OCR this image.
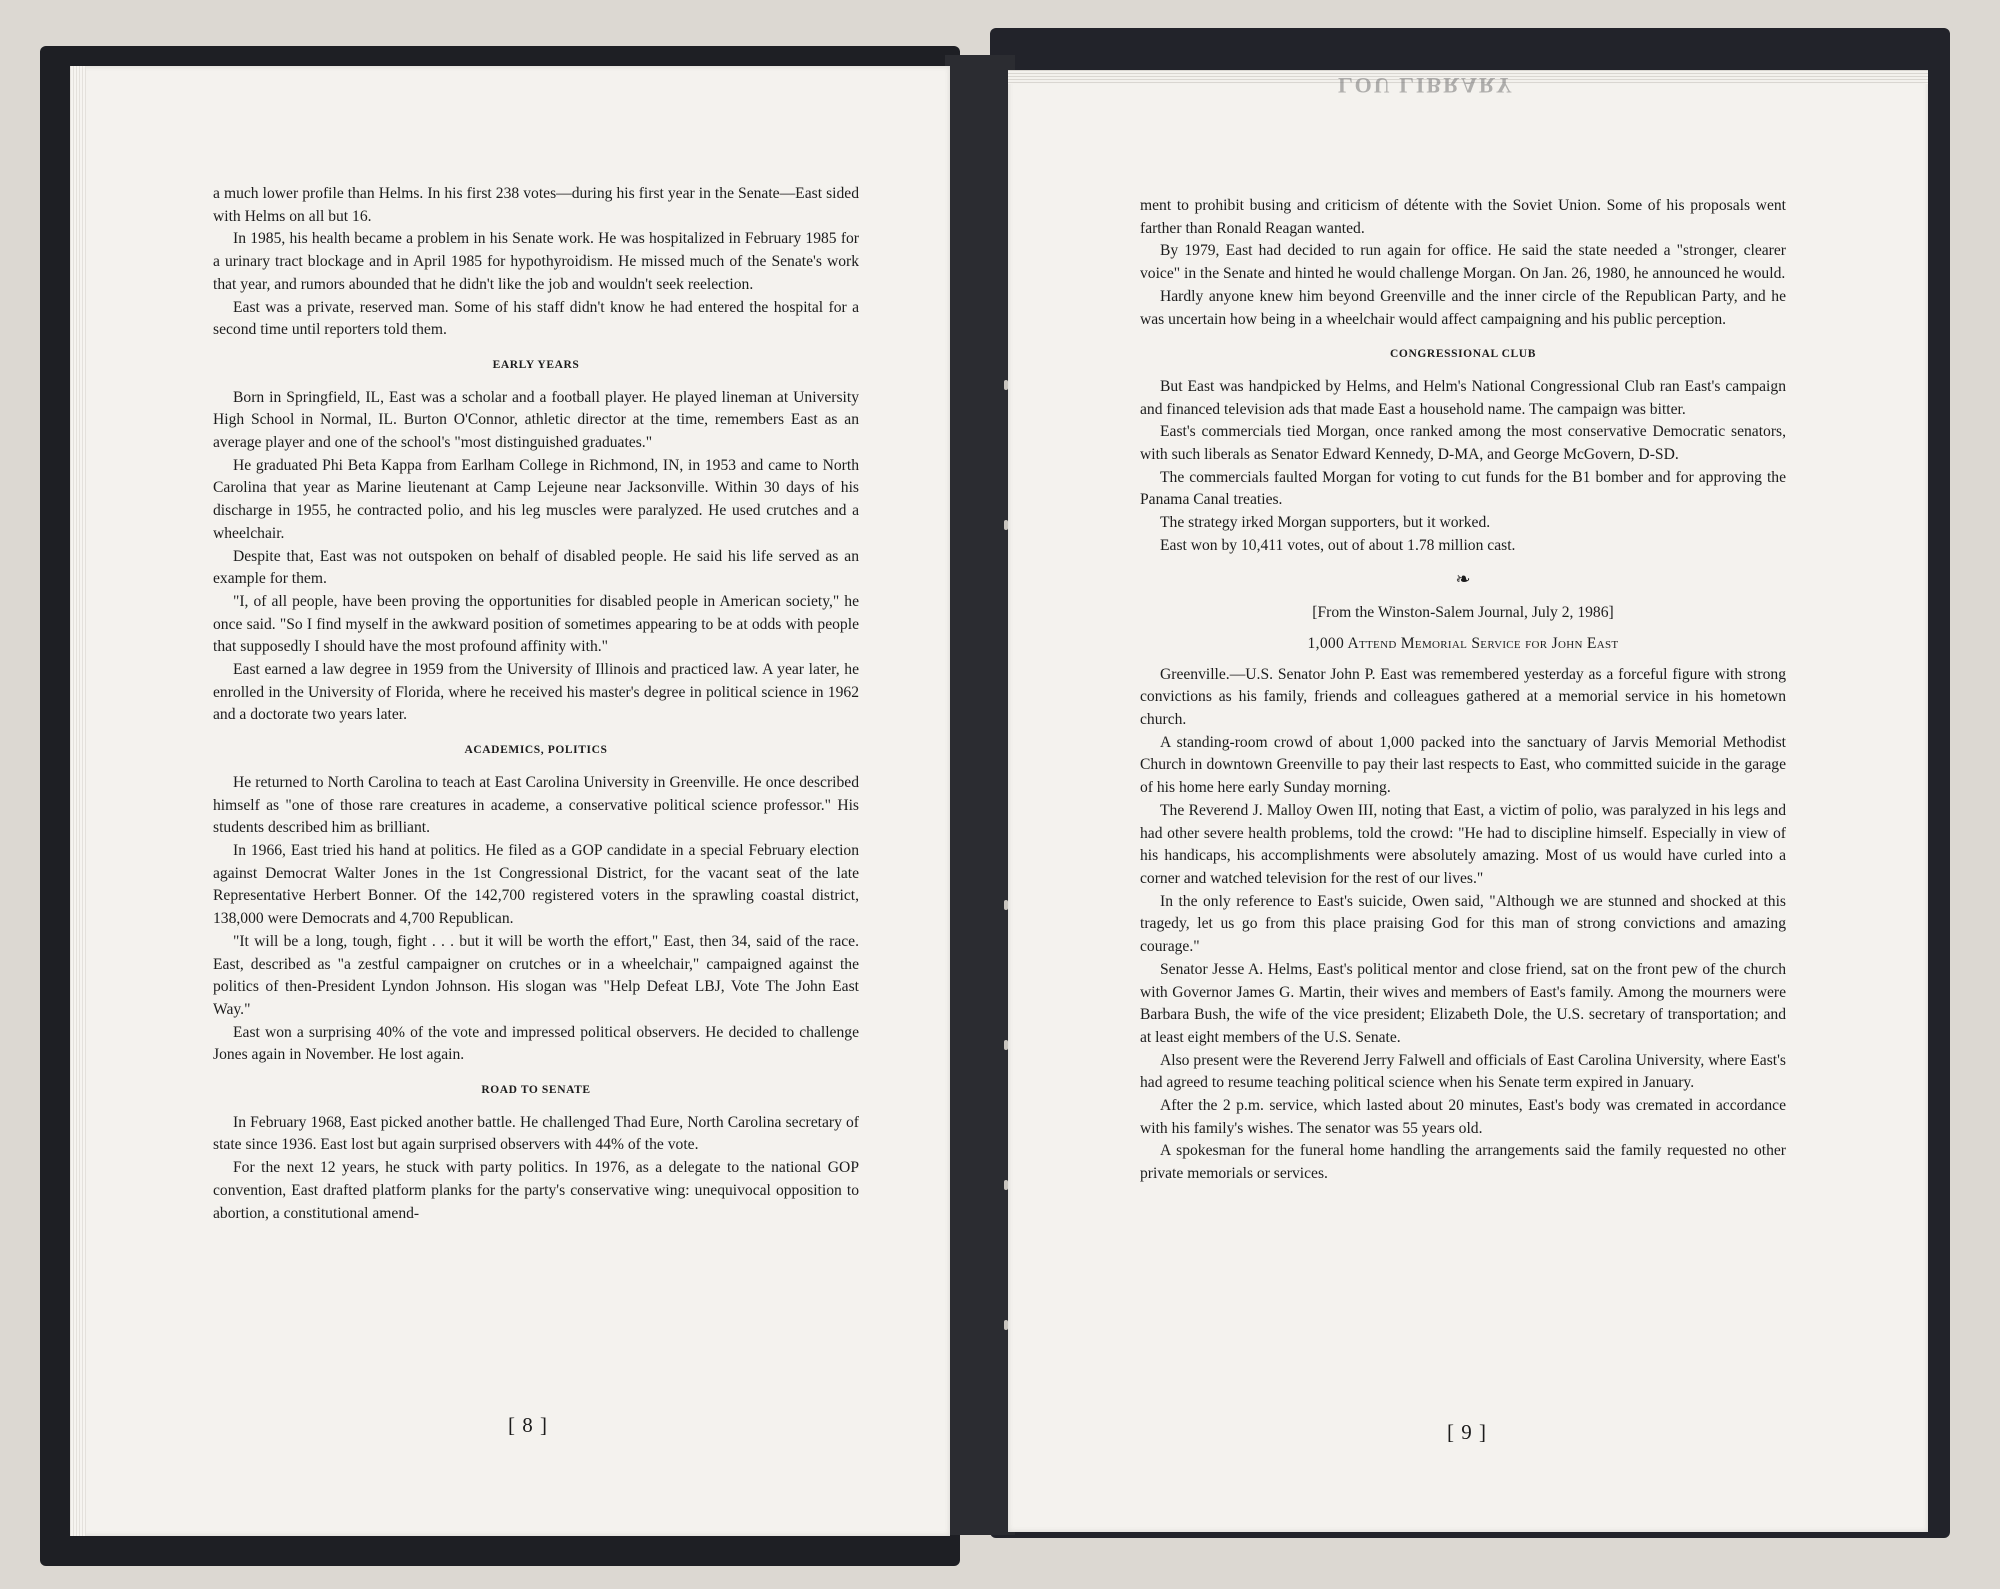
LOU LIBRARY

a much lower profile than Helms. In his first 238 votes—during his first year in the Senate—East sided with Helms on all but 16.

In 1985, his health became a problem in his Senate work. He was hospitalized in February 1985 for a urinary tract blockage and in April 1985 for hypothyroidism. He missed much of the Senate's work that year, and rumors abounded that he didn't like the job and wouldn't seek reelection.

East was a private, reserved man. Some of his staff didn't know he had entered the hospital for a second time until reporters told them.

EARLY YEARS

Born in Springfield, IL, East was a scholar and a football player. He played lineman at University High School in Normal, IL. Burton O'Connor, athletic director at the time, remembers East as an average player and one of the school's "most distinguished graduates."

He graduated Phi Beta Kappa from Earlham College in Richmond, IN, in 1953 and came to North Carolina that year as Marine lieutenant at Camp Lejeune near Jacksonville. Within 30 days of his discharge in 1955, he contracted polio, and his leg muscles were paralyzed. He used crutches and a wheelchair.

Despite that, East was not outspoken on behalf of disabled people. He said his life served as an example for them.

"I, of all people, have been proving the opportunities for disabled people in American society," he once said. "So I find myself in the awkward position of sometimes appearing to be at odds with people that supposedly I should have the most profound affinity with."

East earned a law degree in 1959 from the University of Illinois and practiced law. A year later, he enrolled in the University of Florida, where he received his master's degree in political science in 1962 and a doctorate two years later.

ACADEMICS, POLITICS

He returned to North Carolina to teach at East Carolina University in Greenville. He once described himself as "one of those rare creatures in academe, a conservative political science professor." His students described him as brilliant.

In 1966, East tried his hand at politics. He filed as a GOP candidate in a special February election against Democrat Walter Jones in the 1st Congressional District, for the vacant seat of the late Representative Herbert Bonner. Of the 142,700 registered voters in the sprawling coastal district, 138,000 were Democrats and 4,700 Republican.

"It will be a long, tough, fight . . . but it will be worth the effort," East, then 34, said of the race. East, described as "a zestful campaigner on crutches or in a wheelchair," campaigned against the politics of then-President Lyndon Johnson. His slogan was "Help Defeat LBJ, Vote The John East Way."

East won a surprising 40% of the vote and impressed political observers. He decided to challenge Jones again in November. He lost again.

ROAD TO SENATE

In February 1968, East picked another battle. He challenged Thad Eure, North Carolina secretary of state since 1936. East lost but again surprised observers with 44% of the vote.

For the next 12 years, he stuck with party politics. In 1976, as a delegate to the national GOP convention, East drafted platform planks for the party's conservative wing: unequivocal opposition to abortion, a constitutional amend-

[ 8 ]

ment to prohibit busing and criticism of détente with the Soviet Union. Some of his proposals went farther than Ronald Reagan wanted.

By 1979, East had decided to run again for office. He said the state needed a "stronger, clearer voice" in the Senate and hinted he would challenge Morgan. On Jan. 26, 1980, he announced he would.

Hardly anyone knew him beyond Greenville and the inner circle of the Republican Party, and he was uncertain how being in a wheelchair would affect campaigning and his public perception.

CONGRESSIONAL CLUB

But East was handpicked by Helms, and Helm's National Congressional Club ran East's campaign and financed television ads that made East a household name. The campaign was bitter.

East's commercials tied Morgan, once ranked among the most conservative Democratic senators, with such liberals as Senator Edward Kennedy, D-MA, and George McGovern, D-SD.

The commercials faulted Morgan for voting to cut funds for the B1 bomber and for approving the Panama Canal treaties.

The strategy irked Morgan supporters, but it worked.

East won by 10,411 votes, out of about 1.78 million cast.

❧

[From the Winston-Salem Journal, July 2, 1986]

1,000 Attend Memorial Service for John East

Greenville.—U.S. Senator John P. East was remembered yesterday as a forceful figure with strong convictions as his family, friends and colleagues gathered at a memorial service in his hometown church.

A standing-room crowd of about 1,000 packed into the sanctuary of Jarvis Memorial Methodist Church in downtown Greenville to pay their last respects to East, who committed suicide in the garage of his home here early Sunday morning.

The Reverend J. Malloy Owen III, noting that East, a victim of polio, was paralyzed in his legs and had other severe health problems, told the crowd: "He had to discipline himself. Especially in view of his handicaps, his accomplishments were absolutely amazing. Most of us would have curled into a corner and watched television for the rest of our lives."

In the only reference to East's suicide, Owen said, "Although we are stunned and shocked at this tragedy, let us go from this place praising God for this man of strong convictions and amazing courage."

Senator Jesse A. Helms, East's political mentor and close friend, sat on the front pew of the church with Governor James G. Martin, their wives and members of East's family. Among the mourners were Barbara Bush, the wife of the vice president; Elizabeth Dole, the U.S. secretary of transportation; and at least eight members of the U.S. Senate.

Also present were the Reverend Jerry Falwell and officials of East Carolina University, where East's had agreed to resume teaching political science when his Senate term expired in January.

After the 2 p.m. service, which lasted about 20 minutes, East's body was cremated in accordance with his family's wishes. The senator was 55 years old.

A spokesman for the funeral home handling the arrangements said the family requested no other private memorials or services.

[ 9 ]
